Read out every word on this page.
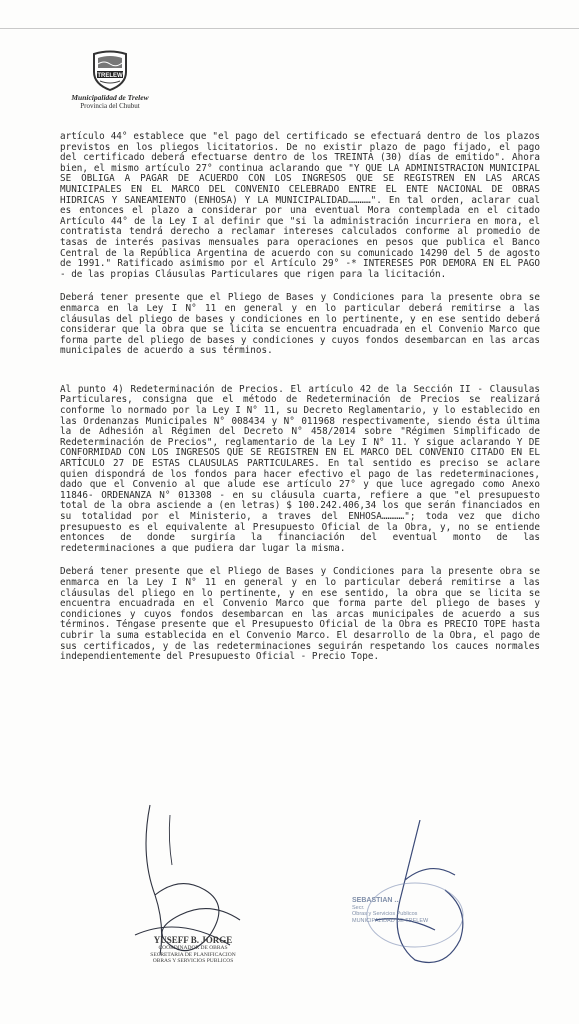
TRELEW
Municipalidad de Trelew
Provincia del Chubut

artículo 44° establece que "el pago del certificado se efectuará dentro de los plazos previstos en los pliegos licitatorios. De no existir plazo de pago fijado, el pago del certificado deberá efectuarse dentro de los TREINTA (30) días de emitido". Ahora bien, el mismo artículo 27° continua aclarando que "Y QUE LA ADMINISTRACION MUNICIPAL SE OBLIGA A PAGAR DE ACUERDO CON LOS INGRESOS QUE SE REGISTREN EN LAS ARCAS MUNICIPALES EN EL MARCO DEL CONVENIO CELEBRADO ENTRE EL ENTE NACIONAL DE OBRAS HIDRICAS Y SANEAMIENTO (ENHOSA) Y LA MUNICIPALIDAD…………". En tal orden, aclarar cual es entonces el plazo a considerar por una eventual Mora contemplada en el citado Artículo 44° de la Ley I al definir que "si la administración incurriera en mora, el contratista tendrá derecho a reclamar intereses calculados conforme al promedio de tasas de interés pasivas mensuales para operaciones en pesos que publica el Banco Central de la República Argentina de acuerdo con su comunicado 14290 del 5 de agosto de 1991." Ratificado asimismo por el Artículo 29° -* INTERESES POR DEMORA EN EL PAGO - de las propias Cláusulas Particulares que rigen para la licitación.

Deberá tener presente que el Pliego de Bases y Condiciones para la presente obra se enmarca en la Ley I N° 11 en general y en lo particular deberá remitirse a las cláusulas del pliego de bases y condiciones en lo pertinente, y en ese sentido deberá considerar que la obra que se licita se encuentra encuadrada en el Convenio Marco que forma parte del pliego de bases y condiciones y cuyos fondos desembarcan en las arcas municipales de acuerdo a sus términos.

Al punto 4) Redeterminación de Precios. El artículo 42 de la Sección II - Clausulas Particulares, consigna que el método de Redeterminación de Precios se realizará conforme lo normado por la Ley I N° 11, su Decreto Reglamentario, y lo establecido en las Ordenanzas Municipales N° 008434 y N° 011968 respectivamente, siendo ésta última la de Adhesión al Régimen del Decreto N° 458/2014 sobre "Régimen Simplificado de Redeterminación de Precios", reglamentario de la Ley I N° 11. Y sigue aclarando Y DE CONFORMIDAD CON LOS INGRESOS QUE SE REGISTREN EN EL MARCO DEL CONVENIO CITADO EN EL ARTÍCULO 27 DE ESTAS CLAUSULAS PARTICULARES. En tal sentido es preciso se aclare quien dispondrá de los fondos para hacer efectivo el pago de las redeterminaciones, dado que el Convenio al que alude ese artículo 27° y que luce agregado como Anexo 11846- ORDENANZA N° 013308 - en su cláusula cuarta, refiere a que "el presupuesto total de la obra asciende a (en letras) $ 100.242.406,34 los que serán financiados en su totalidad por el Ministerio, a traves del ENHOSA…………"; toda vez que dicho presupuesto es el equivalente al Presupuesto Oficial de la Obra, y, no se entiende entonces de donde surgiría la financiación del eventual monto de las redeterminaciones a que pudiera dar lugar la misma.

Deberá tener presente que el Pliego de Bases y Condiciones para la presente obra se enmarca en la Ley I N° 11 en general y en lo particular deberá remitirse a las cláusulas del pliego en lo pertinente, y en ese sentido, la obra que se licita se encuentra encuadrada en el Convenio Marco que forma parte del pliego de bases y condiciones y cuyos fondos desembarcan en las arcas municipales de acuerdo a sus términos. Téngase presente que el Presupuesto Oficial de la Obra es PRECIO TOPE hasta cubrir la suma establecida en el Convenio Marco. El desarrollo de la Obra, el pago de sus certificados, y de las redeterminaciones seguirán respetando los cauces normales independientemente del Presupuesto Oficial - Precio Tope.

YUSEFF B. JORGE
COORDINADOR DE OBRAS
SECRETARIA DE PLANIFICACION
OBRAS Y SERVICIOS PUBLICOS
SEBASTIAN ...
Secr.
Obras y Servicios Publicos
MUNICIPALIDAD DE TRELEW
